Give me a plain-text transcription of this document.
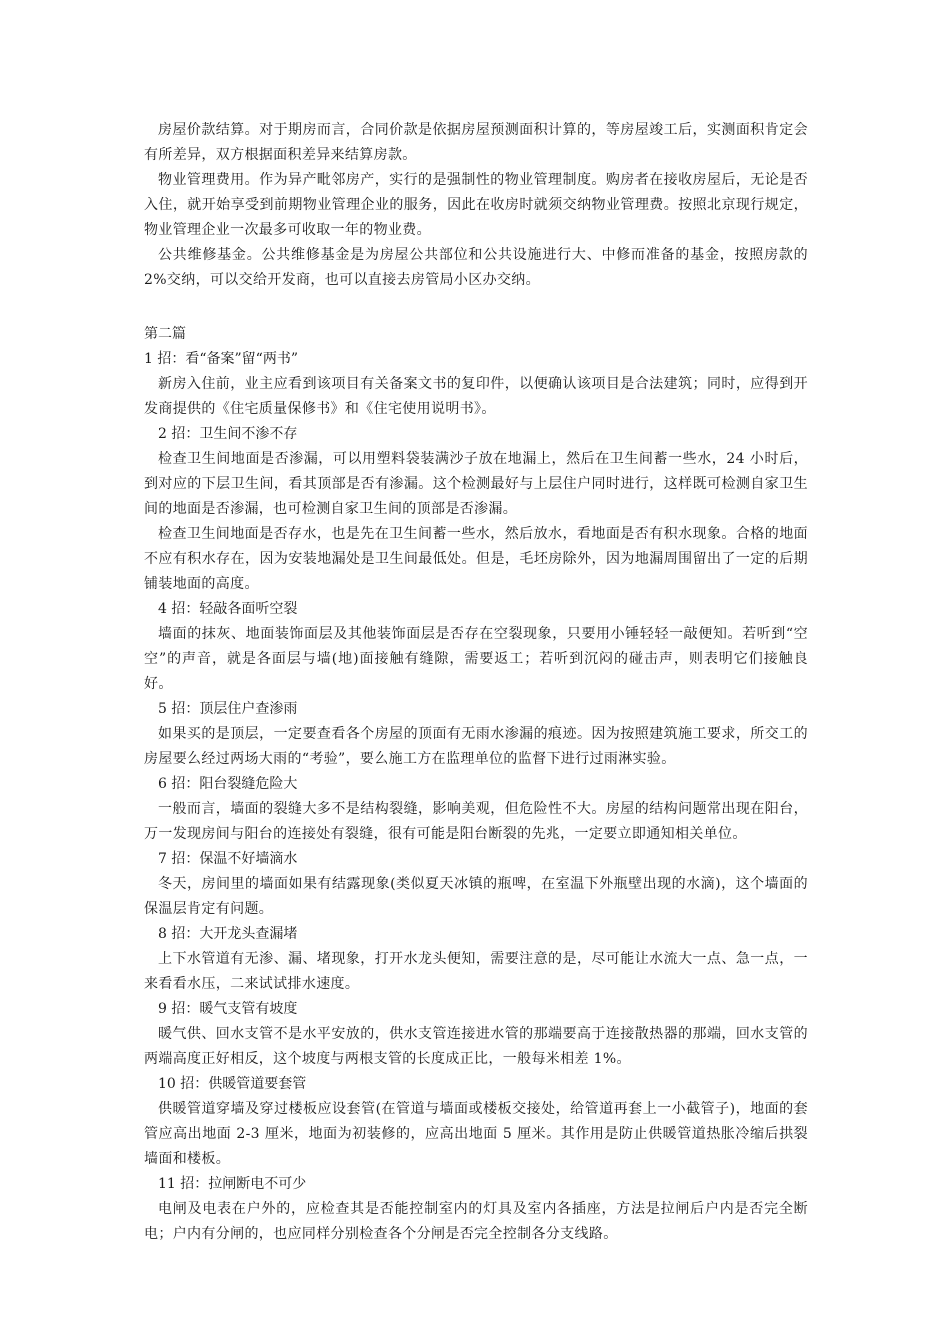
房屋价款结算。对于期房而言，合同价款是依据房屋预测面积计算的，等房屋竣工后，实测面积肯定会有所差异，双方根据面积差异来结算房款。

物业管理费用。作为异产毗邻房产，实行的是强制性的物业管理制度。购房者在接收房屋后，无论是否入住，就开始享受到前期物业管理企业的服务，因此在收房时就须交纳物业管理费。按照北京现行规定，物业管理企业一次最多可收取一年的物业费。

公共维修基金。公共维修基金是为房屋公共部位和公共设施进行大、中修而准备的基金，按照房款的 2%交纳，可以交给开发商，也可以直接去房管局小区办交纳。

第二篇

1 招：看“备案”留“两书”

新房入住前，业主应看到该项目有关备案文书的复印件，以便确认该项目是合法建筑；同时，应得到开发商提供的《住宅质量保修书》和《住宅使用说明书》。

2 招：卫生间不渗不存

检查卫生间地面是否渗漏，可以用塑料袋装满沙子放在地漏上，然后在卫生间蓄一些水，24 小时后，到对应的下层卫生间，看其顶部是否有渗漏。这个检测最好与上层住户同时进行，这样既可检测自家卫生间的地面是否渗漏，也可检测自家卫生间的顶部是否渗漏。

检查卫生间地面是否存水，也是先在卫生间蓄一些水，然后放水，看地面是否有积水现象。合格的地面不应有积水存在，因为安装地漏处是卫生间最低处。但是，毛坯房除外，因为地漏周围留出了一定的后期铺装地面的高度。

4 招：轻敲各面听空裂

墙面的抹灰、地面装饰面层及其他装饰面层是否存在空裂现象，只要用小锤轻轻一敲便知。若听到“空空”的声音，就是各面层与墙(地)面接触有缝隙，需要返工；若听到沉闷的碰击声，则表明它们接触良好。

5 招：顶层住户查渗雨

如果买的是顶层，一定要查看各个房屋的顶面有无雨水渗漏的痕迹。因为按照建筑施工要求，所交工的房屋要么经过两场大雨的“考验”，要么施工方在监理单位的监督下进行过雨淋实验。

6 招：阳台裂缝危险大

一般而言，墙面的裂缝大多不是结构裂缝，影响美观，但危险性不大。房屋的结构问题常出现在阳台，万一发现房间与阳台的连接处有裂缝，很有可能是阳台断裂的先兆，一定要立即通知相关单位。

7 招：保温不好墙滴水

冬天，房间里的墙面如果有结露现象(类似夏天冰镇的瓶啤，在室温下外瓶壁出现的水滴)，这个墙面的保温层肯定有问题。

8 招：大开龙头查漏堵

上下水管道有无渗、漏、堵现象，打开水龙头便知，需要注意的是，尽可能让水流大一点、急一点，一来看看水压，二来试试排水速度。

9 招：暖气支管有坡度

暖气供、回水支管不是水平安放的，供水支管连接进水管的那端要高于连接散热器的那端，回水支管的两端高度正好相反，这个坡度与两根支管的长度成正比，一般每米相差 1%。

10 招：供暖管道要套管

供暖管道穿墙及穿过楼板应设套管(在管道与墙面或楼板交接处，给管道再套上一小截管子)，地面的套管应高出地面 2-3 厘米，地面为初装修的，应高出地面 5 厘米。其作用是防止供暖管道热胀冷缩后拱裂墙面和楼板。

11 招：拉闸断电不可少

电闸及电表在户外的，应检查其是否能控制室内的灯具及室内各插座，方法是拉闸后户内是否完全断电；户内有分闸的，也应同样分别检查各个分闸是否完全控制各分支线路。
